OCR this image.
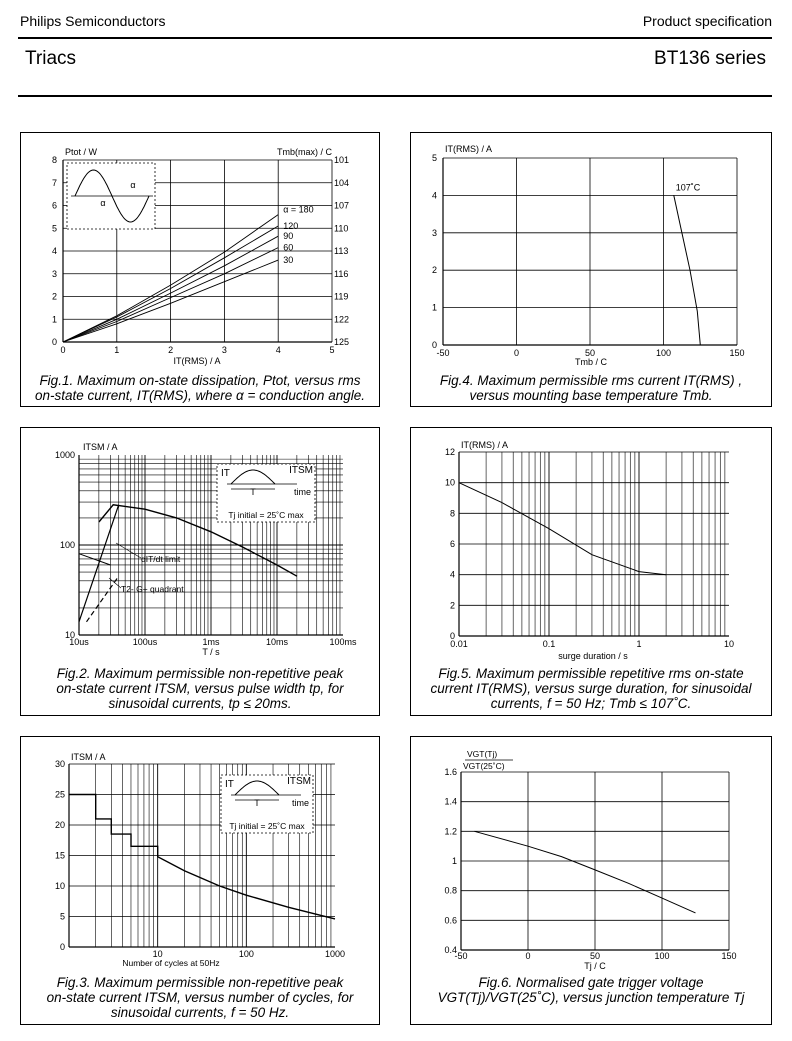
Philips Semiconductors	Product specification
Triacs	BT136 series
0	1	2	3	4	5
0
1
2
3
4
5
6
7
8
125
122
119
116
113
110
107
104
101
Ptot / W	Tmb(max) / C
IT(RMS) / A
α = 180
120
90
60
30
α
α
Fig.1. Maximum on-state dissipation, Ptot, versus rms
on-state current, IT(RMS), where α = conduction angle.
-50	0	50	100	150
0
1
2
3
4
5
IT(RMS) / A
Tmb / C
107˚C
Fig.4. Maximum permissible rms current IT(RMS) ,
versus mounting base temperature Tmb.
10us	100us	1ms	10ms	100ms
10
100
1000
ITSM / A
T / s
dIT/dt limit
T2- G+ quadrant
IT	ITSM
T	time
Tj initial = 25˚C max
Fig.2. Maximum permissible non-repetitive peak
on-state current ITSM, versus pulse width tp, for
sinusoidal currents, tp ≤ 20ms.
0.01	0.1	1	10
0
2
4
6
8
10
12
IT(RMS) / A
surge duration / s
Fig.5. Maximum permissible repetitive rms on-state
current IT(RMS), versus surge duration, for sinusoidal
currents, f = 50 Hz; Tmb ≤ 107˚C.
10	100	1000
0
5
10
15
20
25
30
ITSM / A
Number of cycles at 50Hz
IT	ITSM
T	time
Tj initial = 25˚C max
Fig.3. Maximum permissible non-repetitive peak
on-state current ITSM, versus number of cycles, for
sinusoidal currents, f = 50 Hz.
-50	0	50	100	150
0.4
0.6
0.8
1
1.2
1.4
1.6
VGT(Tj)
VGT(25˚C)
Tj / C
Fig.6. Normalised gate trigger voltage
VGT(Tj)/VGT(25˚C), versus junction temperature Tj
